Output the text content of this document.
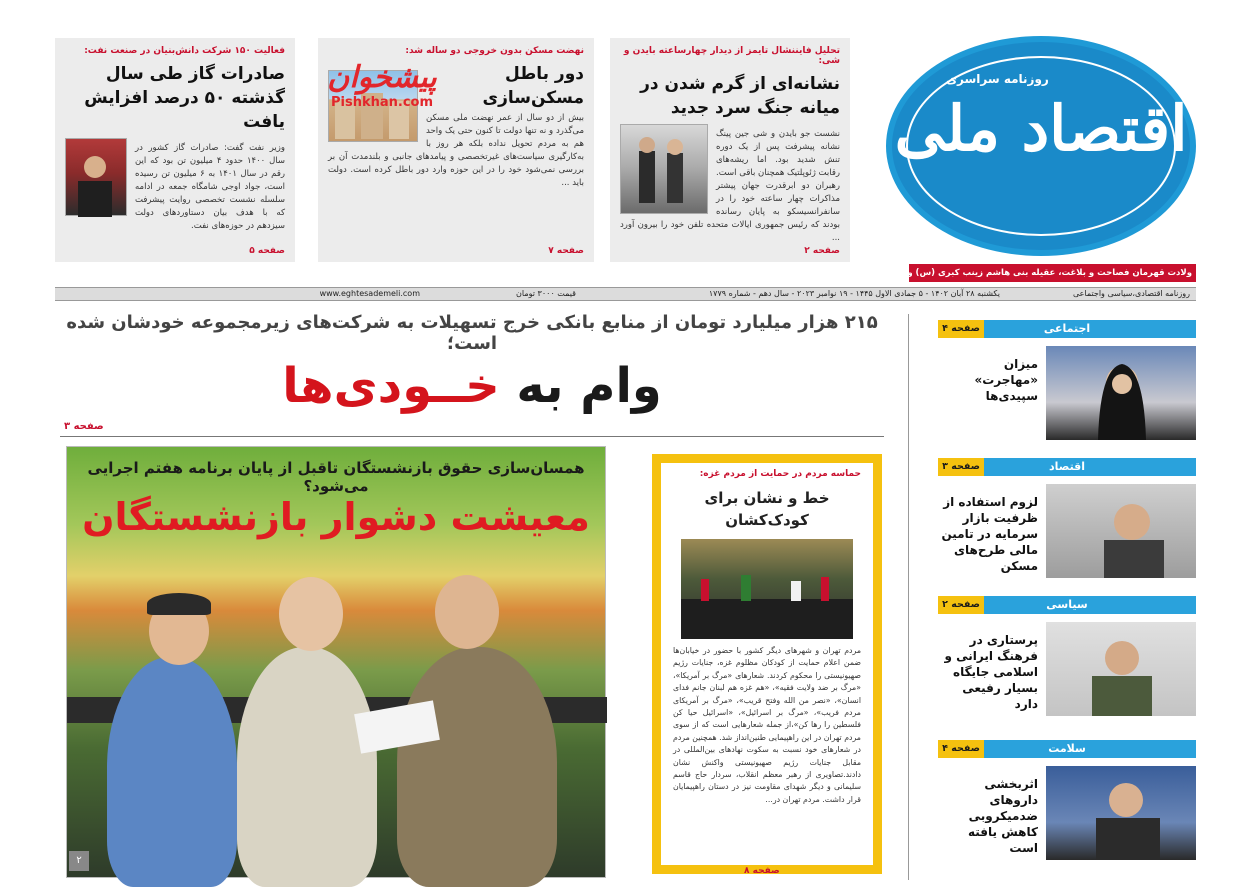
تحلیل فایننشال تایمز از دیدار چهارساعته بایدن و شی:
نشانه‌ای از گرم شدن در میانه جنگ سرد جدید
نشست جو بایدن و شی جین پینگ نشانه پیشرفت پس از یک دوره تنش شدید بود. اما ریشه‌های رقابت ژئوپلتیک همچنان باقی است. رهبران دو ابرقدرت جهان پیشتر مذاکرات چهار ساعته خود را در سانفرانسیسکو به پایان رسانده بودند که رئیس جمهوری ایالات متحده تلفن خود را بیرون آورد ...
صفحه ۲
نهضت مسکن بدون خروجی دو ساله شد:
دور باطل مسکن‌سازی
بیش از دو سال از عمر نهضت ملی مسکن می‌گذرد و نه تنها دولت تا کنون حتی یک واحد هم به مردم تحویل نداده بلکه هر روز با به‌کارگیری سیاست‌های غیرتخصصی و پیامدهای جانبی و بلندمدت آن بر بررسی نمی‌شود خود را در این حوزه وارد دور باطل کرده است. دولت باید ...
صفحه ۷
پیشخوان
Pishkhan.com
فعالیت ۱۵۰ شرکت دانش‌بنیان در صنعت نفت:
صادرات گاز طی سال گذشته ۵۰ درصد افزایش یافت
وزیر نفت گفت: صادرات گاز کشور در سال ۱۴۰۰ حدود ۴ میلیون تن بود که این رقم در سال ۱۴۰۱ به ۶ میلیون تن رسیده است، جواد اوجی شامگاه جمعه در ادامه سلسله نشست تخصصی روایت پیشرفت که با هدف بیان دستاوردهای دولت سیزدهم در حوزه‌های نفت.
صفحه ۵
روزنامه سراسری
اقتصاد ملی
ولادت قهرمان فصاحت و بلاغت، عقیله بنی هاشم زینب کبری (س) و روز پرستار مبارک باد
روزنامه اقتصادی،سیاسی واجتماعی
یکشنبه ۲۸ آبان ۱۴۰۲ - ۵ جمادی الاول ۱۴۴۵ - ۱۹ نوامبر ۲۰۲۳ - سال دهم - شماره ۱۷۷۹
قیمت ۳۰۰۰ تومان
www.eghtesademeli.com
۲۱۵ هزار میلیارد تومان از منابع بانکی خرج تسهیلات به شرکت‌های زیرمجموعه خودشان شده است؛
وام به خــودی‌ها
صفحه ۳
همسان‌سازی حقوق بازنشستگان تاقبل از پایان برنامه هفتم اجرایی می‌شود؟
معیشت دشوار بازنشستگان
۲
حماسه مردم در حمایت از مردم غزه:
خط و نشان برای کودک‌کشان
مردم تهران و شهرهای دیگر کشور با حضور در خیابان‌ها ضمن اعلام حمایت از کودکان مظلوم غزه، جنایات رژیم صهیونیستی را محکوم کردند. شعارهای «مرگ بر آمریکا»، «مرگ بر ضد ولایت فقیه»، «هم غزه هم لبنان جانم فدای انسان»، «نصر من الله وفتح قریب»، «مرگ بر آمریکای مردم فریب»، «مرگ بر اسرائیل»، «اسرائیل حیا کن فلسطین را رها کن»،از جمله شعارهایی است که از سوی مردم تهران در این راهپیمایی طنین‌انداز شد. همچنین مردم در شعارهای خود نسبت به سکوت نهادهای بین‌المللی در مقابل جنایات رژیم صهیونیستی واکنش نشان دادند.تصاویری از رهبر معظم انقلاب، سردار حاج قاسم سلیمانی و دیگر شهدای مقاومت نیز در دستان راهپیمایان قرار داشت. مردم تهران در...
صفحه ۸
اجتماعی
صفحه ۴
میزان «مهاجرت» سپیدی‌ها
اقتصاد
صفحه ۳
لزوم استفاده از ظرفیت بازار سرمایه در تامین مالی طرح‌های مسکن
سیاسی
صفحه ۲
پرستاری در فرهنگ ایرانی و اسلامی جایگاه بسیار رفیعی دارد
سلامت
صفحه ۴
اثربخشی داروهای ضدمیکروبی کاهش یافته است
